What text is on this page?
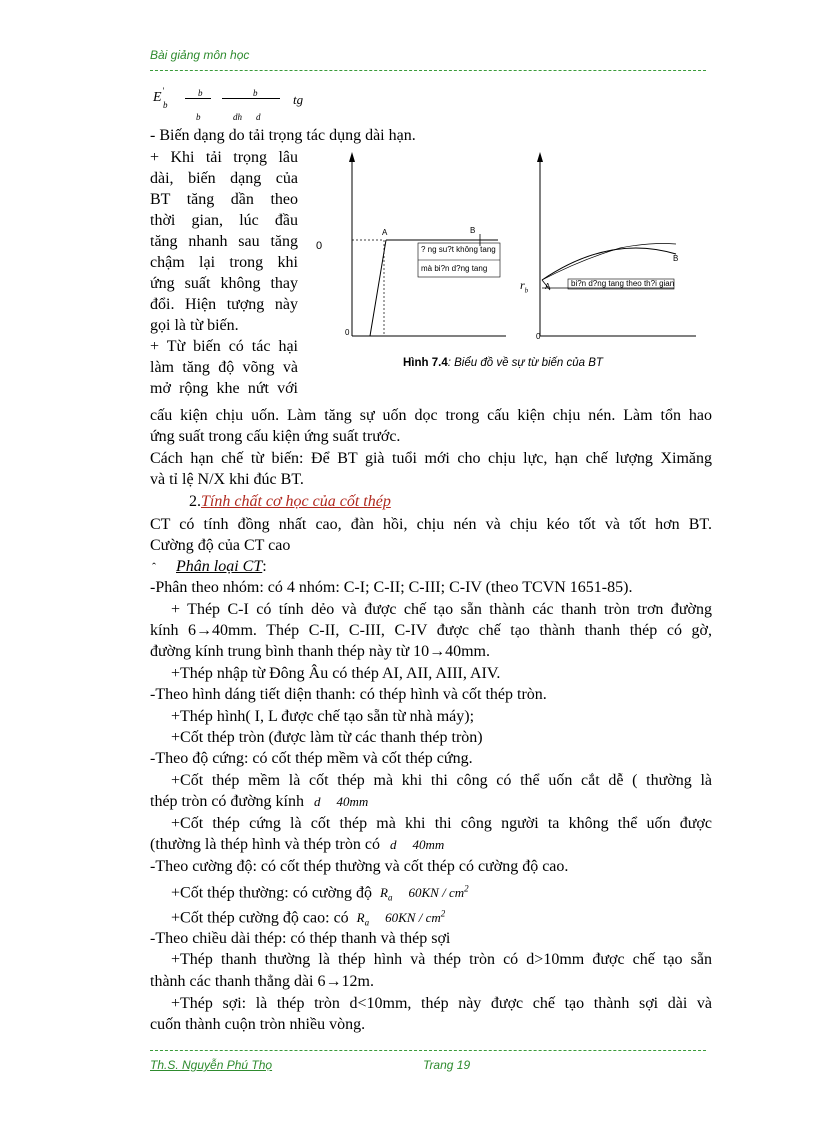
Bài giảng môn học
E '
b
b
b
b
dh d
tg
- Biến dạng do tải trọng tác dụng dài hạn.
+ Khi tải trọng lâu
dài, biến dạng của
BT tăng dần theo
thời gian, lúc đầu
tăng nhanh sau tăng
chậm lại trong khi
ứng suất không thay
đổi. Hiện tượng này
gọi là từ biến.
+ Từ biến có tác hại
làm tăng độ võng và
mở rộng khe nứt với
0
0
A	B
? ng su?t không tang
mà bi?n d?ng tang
$r_b$
0
A
B
bi?n d?ng tang theo th?i gian
Hình 7.4: Biểu đồ về sự từ biến của BT
cấu kiện chịu uốn. Làm tăng sự uốn dọc trong cấu kiện chịu nén. Làm tổn hao
ứng suất trong cấu kiện ứng suất trước.
Cách hạn chế từ biến: Để BT già tuổi mới cho chịu lực, hạn chế lượng Ximăng
và tỉ lệ N/X khi đúc BT.
2.Tính chất cơ học của cốt thép
CT có tính đồng nhất cao, đàn hồi, chịu nén và chịu kéo tốt và tốt hơn BT.
Cường độ của CT cao
ˆ Phân loại CT:
-Phân theo nhóm: có 4 nhóm: C-I; C-II; C-III; C-IV (theo TCVN 1651-85).
+ Thép C-I có tính dẻo và được chế tạo sẵn thành các thanh tròn trơn đường
kính 6→40mm. Thép C-II, C-III, C-IV được chế tạo thành thanh thép có gờ,
đường kính trung bình thanh thép này từ 10→40mm.
+Thép nhập từ Đông Âu có thép AI, AII, AIII, AIV.
-Theo hình dáng tiết diện thanh: có thép hình và cốt thép tròn.
+Thép hình( I, L được chế tạo sẵn từ nhà máy);
+Cốt thép tròn (được làm từ các thanh thép tròn)
-Theo độ cứng: có cốt thép mềm và cốt thép cứng.
+Cốt thép mềm là cốt thép mà khi thi công có thể uốn cắt dễ ( thường là
thép tròn có đường kính d 40mm
+Cốt thép cứng là cốt thép mà khi thi công người ta không thể uốn được
(thường là thép hình và thép tròn có d 40mm
-Theo cường độ: có cốt thép thường và cốt thép có cường độ cao.
+Cốt thép thường: có cường độ $R_a$ $60KN / cm^2$
+Cốt thép cường độ cao: có $R_a$ $60KN / cm^2$
-Theo chiều dài thép: có thép thanh và thép sợi
+Thép thanh thường là thép hình và thép tròn có d>10mm được chế tạo sẵn
thành các thanh thẳng dài 6→12m.
+Thép sợi: là thép tròn d<10mm, thép này được chế tạo thành sợi dài và
cuốn thành cuộn tròn nhiều vòng.
Th.S. Nguyễn Phú Thọ	Trang 19
